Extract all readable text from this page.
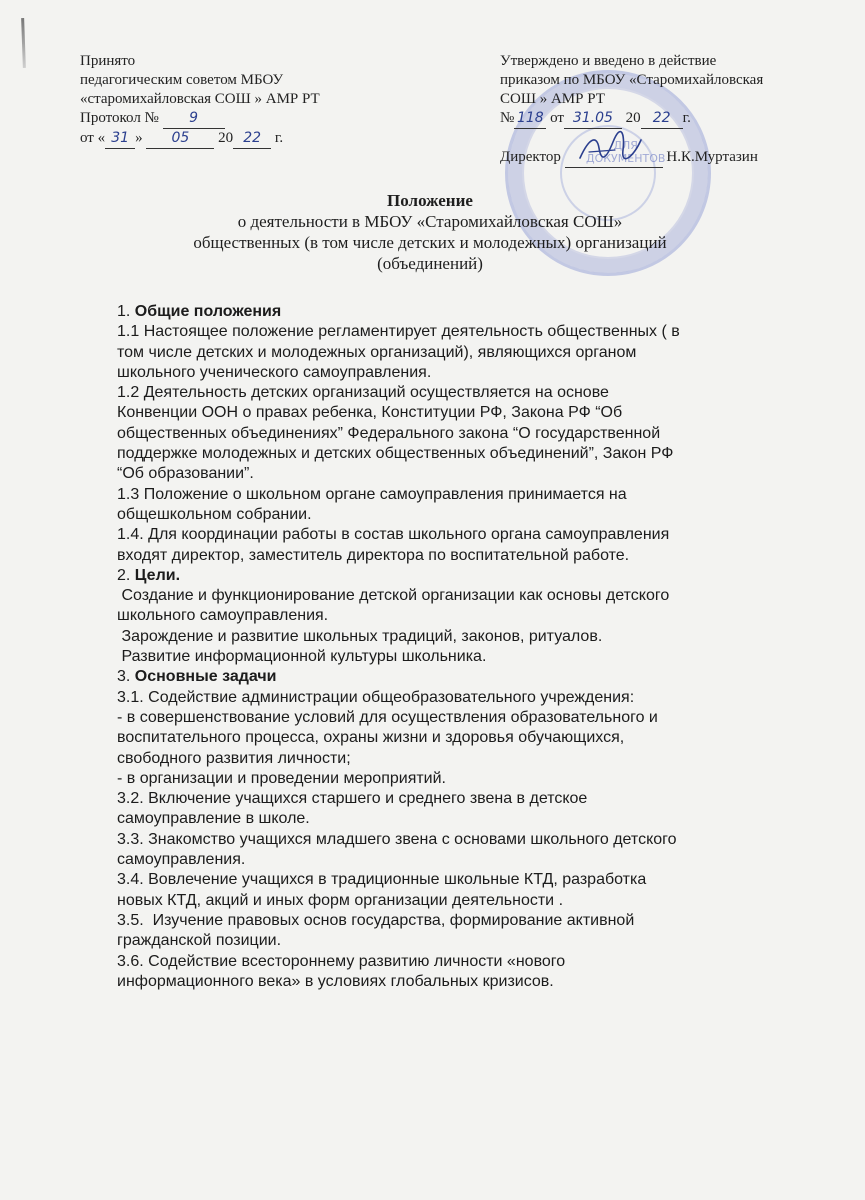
Принято
педагогическим советом МБОУ
«старомихайловская СОШ » АМР РТ
Протокол № 9
от « 31 » 05 20 22 г.	ДЛЯ
ДОКУМЕНТОВ
Утверждено и введено в действие
приказом по МБОУ «Старомихайловская
СОШ » АМР РТ
№ 118 от 31.05 20 22 г.
Директор	Н.К.Муртазин
Положение
о деятельности в МБОУ «Старомихайловская СОШ»
общественных (в том числе детских и молодежных) организаций
(объединений)
1. Общие положения
1.1 Настоящее положение регламентирует деятельность общественных ( в
том числе детских и молодежных организаций), являющихся органом
школьного ученического самоуправления.
1.2 Деятельность детских организаций осуществляется на основе
Конвенции ООН о правах ребенка, Конституции РФ, Закона РФ “Об
общественных объединениях” Федерального закона “О государственной
поддержке молодежных и детских общественных объединений”, Закон РФ
“Об образовании”.
1.3 Положение о школьном органе самоуправления принимается на
общешкольном собрании.
1.4. Для координации работы в состав школьного органа самоуправления
входят директор, заместитель директора по воспитательной работе.
2. Цели.
Создание и функционирование детской организации как основы детского
школьного самоуправления.
Зарождение и развитие школьных традиций, законов, ритуалов.
Развитие информационной культуры школьника.
3. Основные задачи
3.1. Содействие администрации общеобразовательного учреждения:
- в совершенствование условий для осуществления образовательного и
воспитательного процесса, охраны жизни и здоровья обучающихся,
свободного развития личности;
- в организации и проведении мероприятий.
3.2. Включение учащихся старшего и среднего звена в детское
самоуправление в школе.
3.3. Знакомство учащихся младшего звена с основами школьного детского
самоуправления.
3.4. Вовлечение учащихся в традиционные школьные КТД, разработка
новых КТД, акций и иных форм организации деятельности .
3.5.  Изучение правовых основ государства, формирование активной
гражданской позиции.
3.6. Содействие всестороннему развитию личности «нового
информационного века» в условиях глобальных кризисов.
